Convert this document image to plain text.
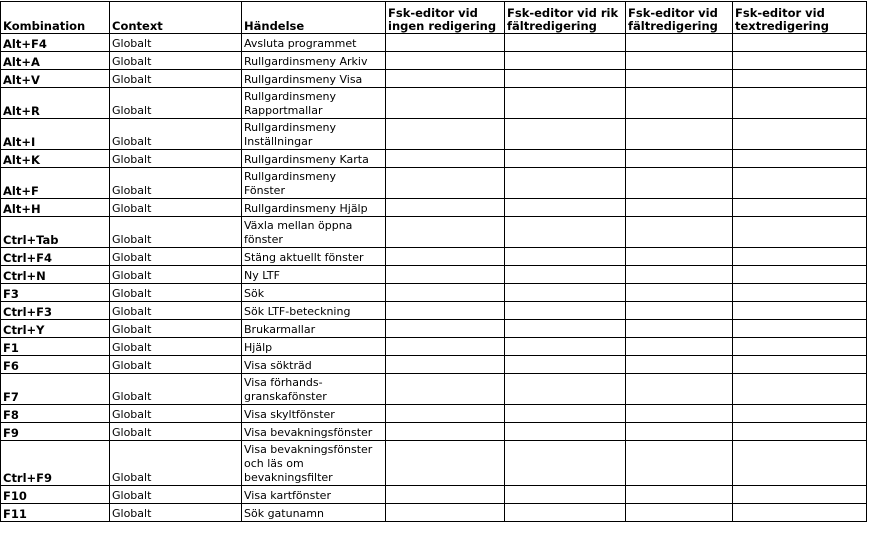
Kombination	Context	Händelse	Fsk-editor vid ingen redigering	Fsk-editor vid rik fältredigering	Fsk-editor vid fältredigering	Fsk-editor vid textredigering

Alt+F4	Globalt	Avsluta programmet				

Alt+A	Globalt	Rullgardinsmeny Arkiv				

Alt+V	Globalt	Rullgardinsmeny Visa				

Alt+R	Globalt	Rullgardinsmeny
Rapportmallar				

Alt+I	Globalt	Rullgardinsmeny
Inställningar				

Alt+K	Globalt	Rullgardinsmeny Karta				

Alt+F	Globalt	Rullgardinsmeny
Fönster				

Alt+H	Globalt	Rullgardinsmeny Hjälp				

Ctrl+Tab	Globalt	Växla mellan öppna
fönster				

Ctrl+F4	Globalt	Stäng aktuellt fönster				

Ctrl+N	Globalt	Ny LTF				

F3	Globalt	Sök				

Ctrl+F3	Globalt	Sök LTF-beteckning				

Ctrl+Y	Globalt	Brukarmallar				

F1	Globalt	Hjälp				

F6	Globalt	Visa sökträd				

F7	Globalt	Visa förhands-
granskafönster				

F8	Globalt	Visa skyltfönster				

F9	Globalt	Visa bevakningsfönster				

Ctrl+F9	Globalt	Visa bevakningsfönster
och läs om
bevakningsfilter				

F10	Globalt	Visa kartfönster				

F11	Globalt	Sök gatunamn				
